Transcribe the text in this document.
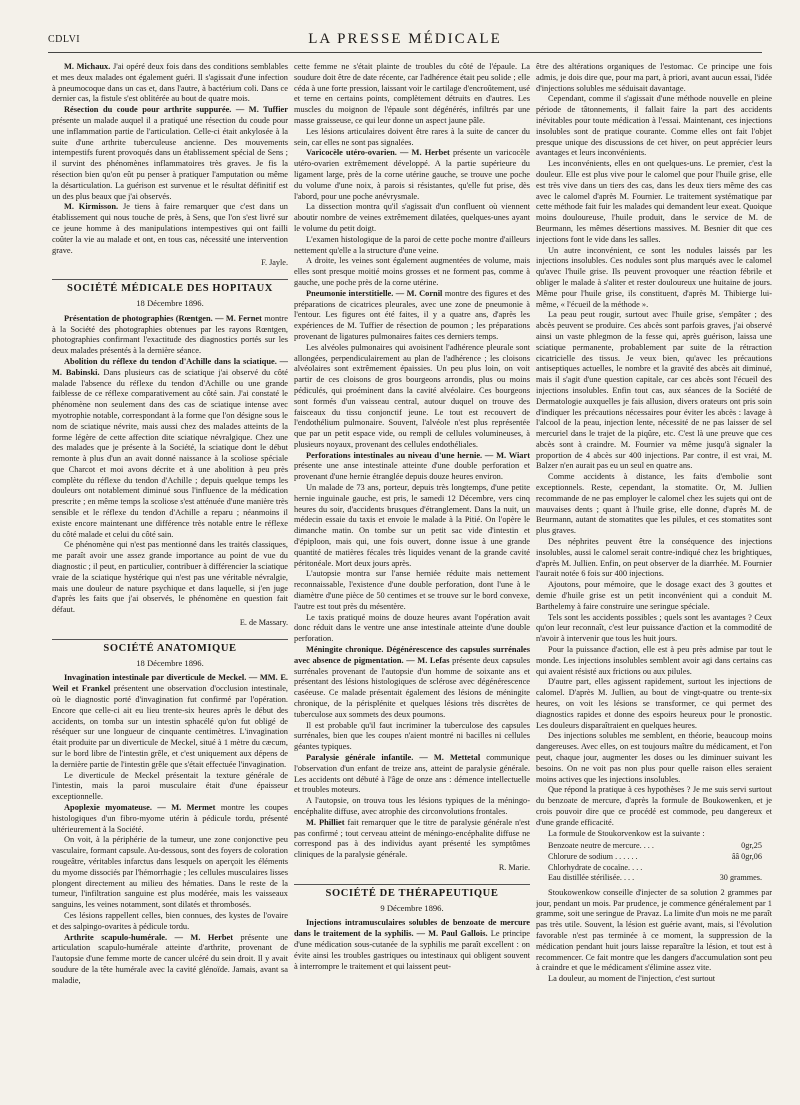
CDLVI	LA PRESSE MÉDICALE

M. Michaux. J'ai opéré deux fois dans des conditions semblables et mes deux malades ont également guéri. Il s'agissait d'une infection à pneumocoque dans un cas et, dans l'autre, à bactérium coli. Dans ce dernier cas, la fistule s'est oblitérée au bout de quatre mois.

Résection du coude pour arthrite suppurée. — M. Tuffier présente un malade auquel il a pratiqué une résection du coude pour une inflammation partie de l'articulation. Celle-ci était ankylosée à la suite d'une arthrite tuberculeuse ancienne. Des mouvements intempestifs furent provoqués dans un établissement spécial de Sens ; il survint des phénomènes inflammatoires très graves. Je fis la résection bien qu'on eût pu penser à pratiquer l'amputation ou même la désarticulation. La guérison est survenue et le résultat définitif est un des plus beaux que j'ai observés.

M. Kirmisson. Je tiens à faire remarquer que c'est dans un établissement qui nous touche de près, à Sens, que l'on s'est livré sur ce jeune homme à des manipulations intempestives qui ont failli coûter la vie au malade et ont, en tous cas, nécessité une intervention grave.

F. Jayle.
SOCIÉTÉ MÉDICALE DES HOPITAUX
18 Décembre 1896.

Présentation de photographies (Rœntgen. — M. Fernet montre à la Société des photographies obtenues par les rayons Rœntgen, photographies confirmant l'exactitude des diagnostics portés sur les deux malades présentés à la dernière séance.

Abolition du réflexe du tendon d'Achille dans la sciatique. — M. Babinski. Dans plusieurs cas de sciatique j'ai observé du côté malade l'absence du réflexe du tendon d'Achille ou une grande faiblesse de ce réflexe comparativement au côté sain. J'ai constaté le phénomène non seulement dans des cas de sciatique intense avec myotrophie notable, correspondant à la forme que l'on désigne sous le nom de sciatique névrite, mais aussi chez des malades atteints de la forme légère de cette affection dite sciatique névralgique. Chez une des malades que je présente à la Société, la sciatique dont le début remonte à plus d'un an avait donné naissance à la scoliose spéciale que Charcot et moi avons décrite et à une abolition à peu près complète du réflexe du tendon d'Achille ; depuis quelque temps les douleurs ont notablement diminué sous l'influence de la médication prescrite ; en même temps la scoliose s'est atténuée d'une manière très sensible et le réflexe du tendon d'Achille a reparu ; néanmoins il existe encore maintenant une différence très notable entre le réflexe du côté malade et celui du côté sain.

Ce phénomène qui n'est pas mentionné dans les traités classiques, me paraît avoir une assez grande importance au point de vue du diagnostic ; il peut, en particulier, contribuer à différencier la sciatique vraie de la sciatique hystérique qui n'est pas une véritable névralgie, mais une douleur de nature psychique et dans laquelle, si j'en juge d'après les faits que j'ai observés, le phénomène en question fait défaut.

E. de Massary.
SOCIÉTÉ ANATOMIQUE
18 Décembre 1896.

Invagination intestinale par diverticule de Meckel. — MM. E. Weil et Frankel présentent une observation d'occlusion intestinale, où le diagnostic porté d'invagination fut confirmé par l'opération. Encore que celle-ci ait eu lieu trente-six heures après le début des accidents, on tomba sur un intestin sphacélé qu'on fut obligé de réséquer sur une longueur de cinquante centimètres. L'invagination était produite par un diverticule de Meckel, situé à 1 mètre du cæcum, sur le bord libre de l'intestin grêle, et c'est uniquement aux dépens de la dernière partie de l'intestin grêle que s'était effectuée l'invagination.

Le diverticule de Meckel présentait la texture générale de l'intestin, mais la paroi musculaire était d'une épaisseur exceptionnelle.

Apoplexie myomateuse. — M. Mermet montre les coupes histologiques d'un fibro-myome utérin à pédicule tordu, présenté ultérieurement à la Société.

On voit, à la périphérie de la tumeur, une zone conjonctive peu vasculaire, formant capsule. Au-dessous, sont des foyers de coloration rougeâtre, véritables infarctus dans lesquels on aperçoit les éléments du myome dissociés par l'hémorrhagie ; les cellules musculaires lisses plongent directement au milieu des hématies. Dans le reste de la tumeur, l'infiltration sanguine est plus modérée, mais les vaisseaux sanguins, les veines notamment, sont dilatés et thrombosés.

Ces lésions rappellent celles, bien connues, des kystes de l'ovaire et des salpingo-ovarites à pédicule tordu.

Arthrite scapulo-humérale. — M. Herbet présente une articulation scapulo-humérale atteinte d'arthrite, provenant de l'autopsie d'une femme morte de cancer ulcéré du sein droit. Il y avait soudure de la tête humérale avec la cavité glénoïde. Jamais, avant sa maladie,

cette femme ne s'était plainte de troubles du côté de l'épaule. La soudure doit être de date récente, car l'adhérence était peu solide ; elle céda à une forte pression, laissant voir le cartilage d'encroûtement, usé et terne en certains points, complètement détruits en d'autres. Les muscles du moignon de l'épaule sont dégénérés, infiltrés par une masse graisseuse, ce qui leur donne un aspect jaune pâle.

Les lésions articulaires doivent être rares à la suite de cancer du sein, car elles ne sont pas signalées.

Varicocèle utéro-ovarien. — M. Herbet présente un varicocèle utéro-ovarien extrêmement développé. A la partie supérieure du ligament large, près de la corne utérine gauche, se trouve une poche du volume d'une noix, à parois si résistantes, qu'elle fut prise, dès l'abord, pour une poche anévrysmale.

La dissection montra qu'il s'agissait d'un confluent où viennent aboutir nombre de veines extrêmement dilatées, quelques-unes ayant le volume du petit doigt.

L'examen histologique de la paroi de cette poche montre d'ailleurs nettement qu'elle a la structure d'une veine.

A droite, les veines sont également augmentées de volume, mais elles sont presque moitié moins grosses et ne forment pas, comme à gauche, une poche près de la corne utérine.

Pneumonie interstitielle. — M. Cornil montre des figures et des préparations de cicatrices pleurales, avec une zone de pneumonie à l'entour. Les figures ont été faites, il y a quatre ans, d'après les expériences de M. Tuffier de résection de poumon ; les préparations provenant de ligatures pulmonaires faites ces derniers temps.

Les alvéoles pulmonaires qui avoisinent l'adhérence pleurale sont allongées, perpendiculairement au plan de l'adhérence ; les cloisons alvéolaires sont extrêmement épaissies. Un peu plus loin, on voit partir de ces cloisons de gros bourgeons arrondis, plus ou moins pédiculés, qui proéminent dans la cavité alvéolaire. Ces bourgeons sont formés d'un vaisseau central, autour duquel on trouve des faisceaux du tissu conjonctif jeune. Le tout est recouvert de l'endothélium pulmonaire. Souvent, l'alvéole n'est plus représentée que par un petit espace vide, ou rempli de cellules volumineuses, à plusieurs noyaux, provenant des cellules endothéliales.

Perforations intestinales au niveau d'une hernie. — M. Wiart présente une anse intestinale atteinte d'une double perforation et provenant d'une hernie étranglée depuis douze heures environ.

Un malade de 73 ans, porteur, depuis très longtemps, d'une petite hernie inguinale gauche, est pris, le samedi 12 Décembre, vers cinq heures du soir, d'accidents brusques d'étranglement. Dans la nuit, un médecin essaie du taxis et envoie le malade à la Pitié. On l'opère le dimanche matin. On tombe sur un petit sac vide d'intestin et d'épiploon, mais qui, une fois ouvert, donne issue à une grande quantité de matières fécales très liquides venant de la grande cavité péritonéale. Mort deux jours après.

L'autopsie montra sur l'anse herniée réduite mais nettement reconnaissable, l'existence d'une double perforation, dont l'une à le diamètre d'une pièce de 50 centimes et se trouve sur le bord convexe, l'autre est tout près du mésentère.

Le taxis pratiqué moins de douze heures avant l'opération avait donc réduit dans le ventre une anse intestinale atteinte d'une double perforation.

Méningite chronique. Dégénérescence des capsules surrénales avec absence de pigmentation. — M. Lefas présente deux capsules surrénales provenant de l'autopsie d'un homme de soixante ans et présentant des lésions histologiques de sclérose avec dégénérescence caséeuse. Ce malade présentait également des lésions de méningite chronique, de la périsplénite et quelques lésions très discrètes de tuberculose aux sommets des deux poumons.

Il est probable qu'il faut incriminer la tuberculose des capsules surrénales, bien que les coupes n'aient montré ni bacilles ni cellules géantes typiques.

Paralysie générale infantile. — M. Mettetal communique l'observation d'un enfant de treize ans, atteint de paralysie générale. Les accidents ont débuté à l'âge de onze ans : démence intellectuelle et troubles moteurs.

A l'autopsie, on trouva tous les lésions typiques de la méningo-encéphalite diffuse, avec atrophie des circonvolutions frontales.

M. Philliet fait remarquer que le titre de paralysie générale n'est pas confirmé ; tout cerveau atteint de méningo-encéphalite diffuse ne correspond pas à des individus ayant présenté les symptômes cliniques de la paralysie générale.

R. Marie.
SOCIÉTÉ DE THÉRAPEUTIQUE
9 Décembre 1896.

Injections intramusculaires solubles de benzoate de mercure dans le traitement de la syphilis. — M. Paul Gallois. Le principe d'une médication sous-cutanée de la syphilis me paraît excellent : on évite ainsi les troubles gastriques ou intestinaux qui obligent souvent à interrompre le traitement et qui laissent peut-

être des altérations organiques de l'estomac. Ce principe une fois admis, je dois dire que, pour ma part, à priori, avant aucun essai, l'idée d'injections solubles me séduisait davantage.

Cependant, comme il s'agissait d'une méthode nouvelle en pleine période de tâtonnements, il fallait faire la part des accidents inévitables pour toute médication à l'essai. Maintenant, ces injections insolubles sont de pratique courante. Comme elles ont fait l'objet presque unique des discussions de cet hiver, on peut apprécier leurs avantages et leurs inconvénients.

Les inconvénients, elles en ont quelques-uns. Le premier, c'est la douleur. Elle est plus vive pour le calomel que pour l'huile grise, elle est très vive dans un tiers des cas, dans les deux tiers même des cas avec le calomel d'après M. Fournier. Le traitement systématique par cette méthode fait fuir les malades qui demandent leur exeat. Quoique moins douloureuse, l'huile produit, dans le service de M. de Beurmann, les mêmes désertions massives. M. Besnier dit que ces injections font le vide dans les salles.

Un autre inconvénient, ce sont les nodules laissés par les injections insolubles. Ces nodules sont plus marqués avec le calomel qu'avec l'huile grise. Ils peuvent provoquer une réaction fébrile et obliger le malade à s'aliter et rester douloureux une huitaine de jours. Même pour l'huile grise, ils constituent, d'après M. Thibierge lui-même, « l'écueil de la méthode ».

La peau peut rougir, surtout avec l'huile grise, s'empâter ; des abcès peuvent se produire. Ces abcès sont parfois graves, j'ai observé ainsi un vaste phlegmon de la fesse qui, après guérison, laissa une sciatique permanente, probablement par suite de la rétraction cicatricielle des tissus. Je veux bien, qu'avec les précautions antiseptiques actuelles, le nombre et la gravité des abcès ait diminué, mais il s'agit d'une question capitale, car ces abcès sont l'écueil des injections insolubles. Enfin tout cas, aux séances de la Société de Dermatologie auxquelles je fais allusion, divers orateurs ont pris soin d'indiquer les précautions nécessaires pour éviter les abcès : lavage à l'alcool de la peau, injection lente, nécessité de ne pas laisser de sel mercuriel dans le trajet de la piqûre, etc. C'est là une preuve que ces abcès sont à craindre. M. Fournier va même jusqu'à signaler la proportion de 4 abcès sur 400 injections. Par contre, il est vrai, M. Balzer n'en aurait pas eu un seul en quatre ans.

Comme accidents à distance, les faits d'embolie sont exceptionnels. Reste, cependant, la stomatite. Or, M. Jullien recommande de ne pas employer le calomel chez les sujets qui ont de mauvaises dents ; quant à l'huile grise, elle donne, d'après M. de Beurmann, autant de stomatites que les pilules, et ces stomatites sont plus graves.

Des néphrites peuvent être la conséquence des injections insolubles, aussi le calomel serait contre-indiqué chez les brightiques, d'après M. Jullien. Enfin, on peut observer de la diarrhée. M. Fournier l'aurait notée 6 fois sur 400 injections.

Ajoutons, pour mémoire, que le dosage exact des 3 gouttes et demie d'huile grise est un petit inconvénient qui a conduit M. Barthelemy à faire construire une seringue spéciale.

Tels sont les accidents possibles ; quels sont les avantages ? Ceux qu'on leur reconnaît, c'est leur puissance d'action et la commodité de n'avoir à intervenir que tous les huit jours.

Pour la puissance d'action, elle est à peu près admise par tout le monde. Les injections insolubles semblent avoir agi dans certains cas qui avaient résisté aux frictions ou aux pilules.

D'autre part, elles agissent rapidement, surtout les injections de calomel. D'après M. Jullien, au bout de vingt-quatre ou trente-six heures, on voit les lésions se transformer, ce qui permet des diagnostics rapides et donne des espoirs heureux pour le pronostic. Les douleurs disparaîtraient en quelques heures.

Des injections solubles me semblent, en théorie, beaucoup moins dangereuses. Avec elles, on est toujours maître du médicament, et l'on peut, chaque jour, augmenter les doses ou les diminuer suivant les besoins. On ne voit pas non plus pour quelle raison elles seraient moins actives que les injections insolubles.

Que répond la pratique à ces hypothèses ? Je me suis servi surtout du benzoate de mercure, d'après la formule de Boukowenken, et je crois pouvoir dire que ce procédé est commode, peu dangereux et d'une grande efficacité.

La formule de Stoukorvenkow est la suivante :

Benzoate neutre de mercure. . . .	0gr,25
Chlorure de sodium . . . . . .	ââ 0gr,06
Chlorhydrate de cocaïne. . . .
Eau distillée stérilisée. . . .	30 grammes.

Stoukowenkow conseille d'injecter de sa solution 2 grammes par jour, pendant un mois. Par prudence, je commence généralement par 1 gramme, soit une seringue de Pravaz. La limite d'un mois ne me paraît pas très utile. Souvent, la lésion est guérie avant, mais, si l'évolution favorable n'est pas terminée à ce moment, la suppression de la médication pendant huit jours laisse reparaître la lésion, et tout est à recommencer. Ce fait montre que les dangers d'accumulation sont peu à craindre et que le médicament s'élimine assez vite.

La douleur, au moment de l'injection, c'est surtout
